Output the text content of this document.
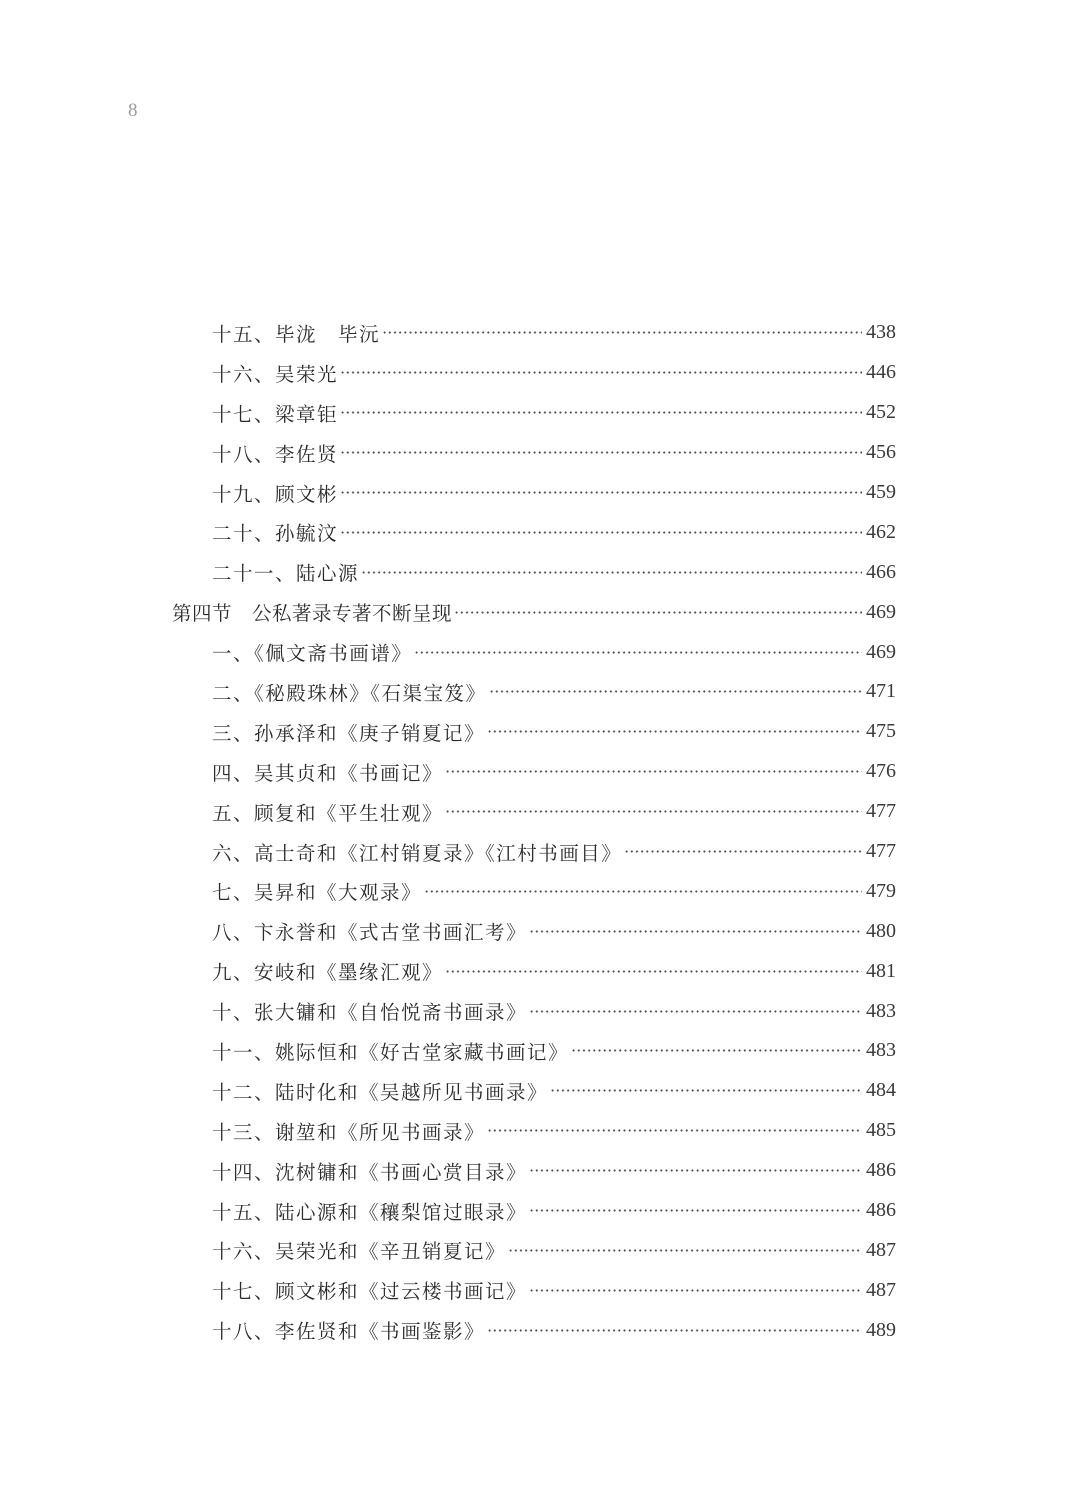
8
十五、毕泷　毕沅	438
十六、吴荣光	446
十七、梁章钜	452
十八、李佐贤	456
十九、顾文彬	459
二十、孙毓汶	462
二十一、陆心源	466
第四节　公私著录专著不断呈现	469
一、《佩文斋书画谱》	469
二、《秘殿珠林》《石渠宝笈》	471
三、孙承泽和《庚子销夏记》	475
四、吴其贞和《书画记》	476
五、顾复和《平生壮观》	477
六、高士奇和《江村销夏录》《江村书画目》	477
七、吴昇和《大观录》	479
八、卞永誉和《式古堂书画汇考》	480
九、安岐和《墨缘汇观》	481
十、张大镛和《自怡悦斋书画录》	483
十一、姚际恒和《好古堂家藏书画记》	483
十二、陆时化和《吴越所见书画录》	484
十三、谢堃和《所见书画录》	485
十四、沈树镛和《书画心赏目录》	486
十五、陆心源和《穰梨馆过眼录》	486
十六、吴荣光和《辛丑销夏记》	487
十七、顾文彬和《过云楼书画记》	487
十八、李佐贤和《书画鉴影》	489
